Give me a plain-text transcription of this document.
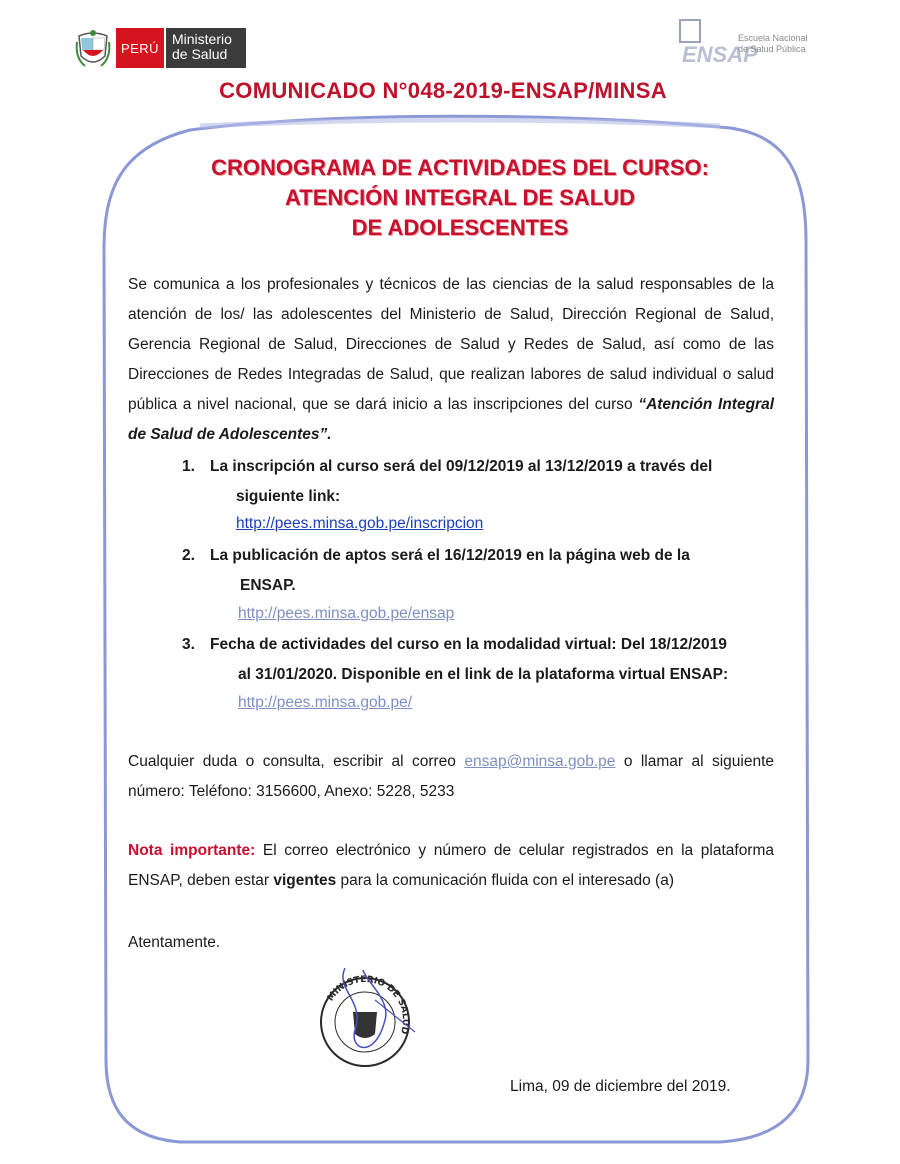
PERÚ
Ministerio
de Salud	ENSAP
Escuela Nacional
de Salud Pública
COMUNICADO N°048-2019-ENSAP/MINSA
CRONOGRAMA DE ACTIVIDADES DEL CURSO:
ATENCIÓN INTEGRAL DE SALUD
DE ADOLESCENTES
Se comunica a los profesionales y técnicos de las ciencias de la salud responsables de la atención de los/ las adolescentes del Ministerio de Salud, Dirección Regional de Salud, Gerencia Regional de Salud, Direcciones de Salud y Redes de Salud, así como de las Direcciones de Redes Integradas de Salud, que realizan labores de salud individual o salud pública a nivel nacional, que se dará inicio a las inscripciones del curso “Atención Integral de Salud de Adolescentes”.
1. La inscripción al curso será del 09/12/2019 al 13/12/2019 a través del
siguiente link:
http://pees.minsa.gob.pe/inscripcion
2. La publicación de aptos será el 16/12/2019 en la página web de la
ENSAP.
http://pees.minsa.gob.pe/ensap
3. Fecha de actividades del curso en la modalidad virtual: Del 18/12/2019
al 31/01/2020. Disponible en el link de la plataforma virtual ENSAP:
http://pees.minsa.gob.pe/
Cualquier duda o consulta, escribir al correo ensap@minsa.gob.pe o llamar al siguiente número: Teléfono: 3156600, Anexo: 5228, 5233
Nota importante: El correo electrónico y número de celular registrados en la plataforma ENSAP, deben estar vigentes para la comunicación fluida con el interesado (a)
Atentamente.
MINISTERIO DE SALUD
Lima, 09 de diciembre del 2019.
